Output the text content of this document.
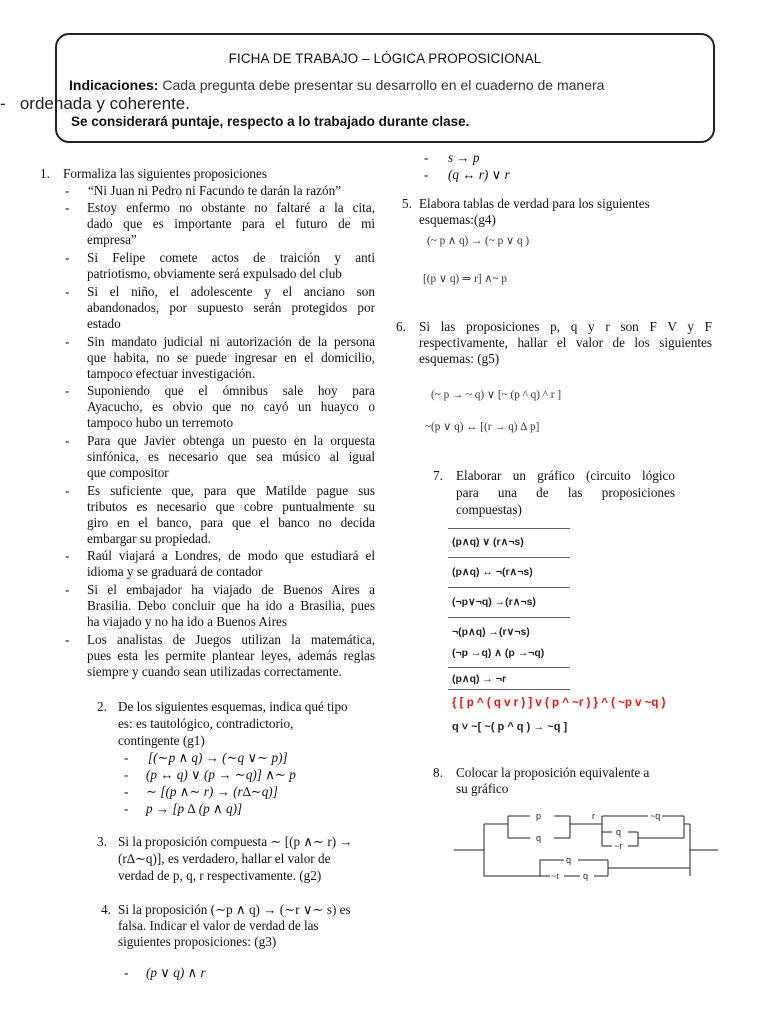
FICHA DE TRABAJO – LÓGICA PROPOSICIONAL
Indicaciones: Cada pregunta debe presentar su desarrollo en el cuaderno de manera
Se considerará puntaje, respecto a lo trabajado durante clase.
-   ordenada y coherente.
1. Formaliza las siguientes proposiciones
- “Ni Juan ni Pedro ni Facundo te darán la razón”
- Estoy enfermo no obstante no faltaré a la cita,
dado que es importante para el futuro de mi
empresa”
- Si Felipe comete actos de traición y anti
patriotismo, obviamente será expulsado del club
- Si el niño, el adolescente y el anciano son
abandonados, por supuesto serán protegidos por
estado
- Sin mandato judicial ni autorización de la persona
que habita, no se puede ingresar en el domicilio,
tampoco efectuar investigación.
- Suponiendo que el ómnibus sale hoy para
Ayacucho, es obvio que no cayó un huayco o
tampoco hubo un terremoto
- Para que Javier obtenga un puesto en la orquesta
sinfónica, es necesario que sea músico al igual
que compositor
- Es suficiente que, para que Matilde pague sus
tributos es necesario que cobre puntualmente su
giro en el banco, para que el banco no decida
embargar su propiedad.
- Raúl viajará a Londres, de modo que estudiará el
idioma y se graduará de contador
- Si el embajador ha viajado de Buenos Aires a
Brasilia. Debo concluir que ha ido a Brasilia, pues
ha viajado y no ha ido a Buenos Aires
- Los analistas de Juegos utilizan la matemática,
pues esta les permite plantear leyes, además reglas
siempre y cuando sean utilizadas correctamente.
2. De los siguientes esquemas, indica qué tipo
es: es tautológico, contradictorio,
contingente (g1)
- [(∼p ∧ q) → (∼q ∨∼ p)]
- (p ↔ q) ∨ (p → ∼q)] ∧∼ p
- ∼ [(p ∧∼ r) → (r∆∼q)]
- p → [p ∆ (p ∧ q)]
3. Si la proposición compuesta ∼ [(p ∧∼ r) →
(r∆∼q)], es verdadero, hallar el valor de
verdad de p, q, r respectivamente. (g2)
4. Si la proposición (∼p ∧ q) → (∼r ∨∼ s) es
falsa. Indicar el valor de verdad de las
siguientes proposiciones: (g3)
- (p ∨ q) ∧ r
- s → p
- (q ↔ r) ∨ r
5. Elabora tablas de verdad para los siguientes
esquemas:(g4)
(~ p ∧ q) → (~ p ∨ q )
[(p ∨ q) ⇒ r] ∧~ p
6. Si las proposiciones p, q y r son F V y F
respectivamente, hallar el valor de los siguientes
esquemas: (g5)
(~ p → ~ q) ∨ [~ (p ^ q) ^ r ]
~(p ∨ q) ↔ [(r → q) ∆ p]
7. Elaborar un gráfico (circuito lógico
para una de las proposiciones
compuestas)
(p∧q) ∨ (r∧¬s)
(p∧q) ↔ ¬(r∧¬s)
(¬p∨¬q) →(r∧¬s)
¬(p∧q) →(r∨¬s)
(¬p →q) ∧ (p →¬q)
(p∧q) → ¬r
{ [ p ^ ( q v r ) ] v ( p ^ ~r ) } ^ ( ~p v ~q )
q ˅ ~[ ~( p ^ q ) → ~q ]
8. Colocar la proposición equivalente a
su gráfico
p
q
r	~q
q
~r
q
~r	q
